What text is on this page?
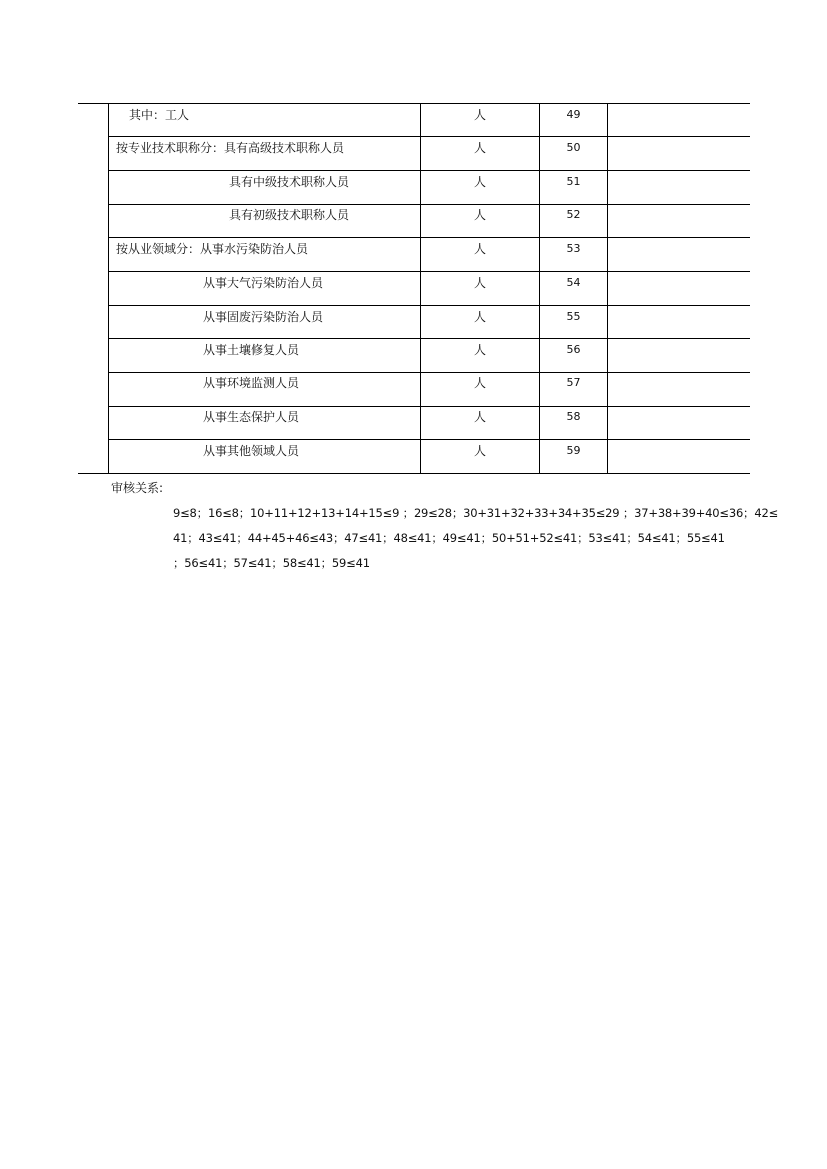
其中：工人	人	49
按专业技术职称分：具有高级技术职称人员	人	50
具有中级技术职称人员	人	51
具有初级技术职称人员	人	52
按从业领域分：从事水污染防治人员	人	53
从事大气污染防治人员	人	54
从事固废污染防治人员	人	55
从事土壤修复人员	人	56
从事环境监测人员	人	57
从事生态保护人员	人	58
从事其他领域人员	人	59
审核关系:
9≤8；16≤8；10+11+12+13+14+15≤9 ；29≤28；30+31+32+33+34+35≤29 ；37+38+39+40≤36；42≤
41；43≤41；44+45+46≤43；47≤41；48≤41；49≤41；50+51+52≤41；53≤41；54≤41；55≤41
；56≤41；57≤41；58≤41；59≤41
